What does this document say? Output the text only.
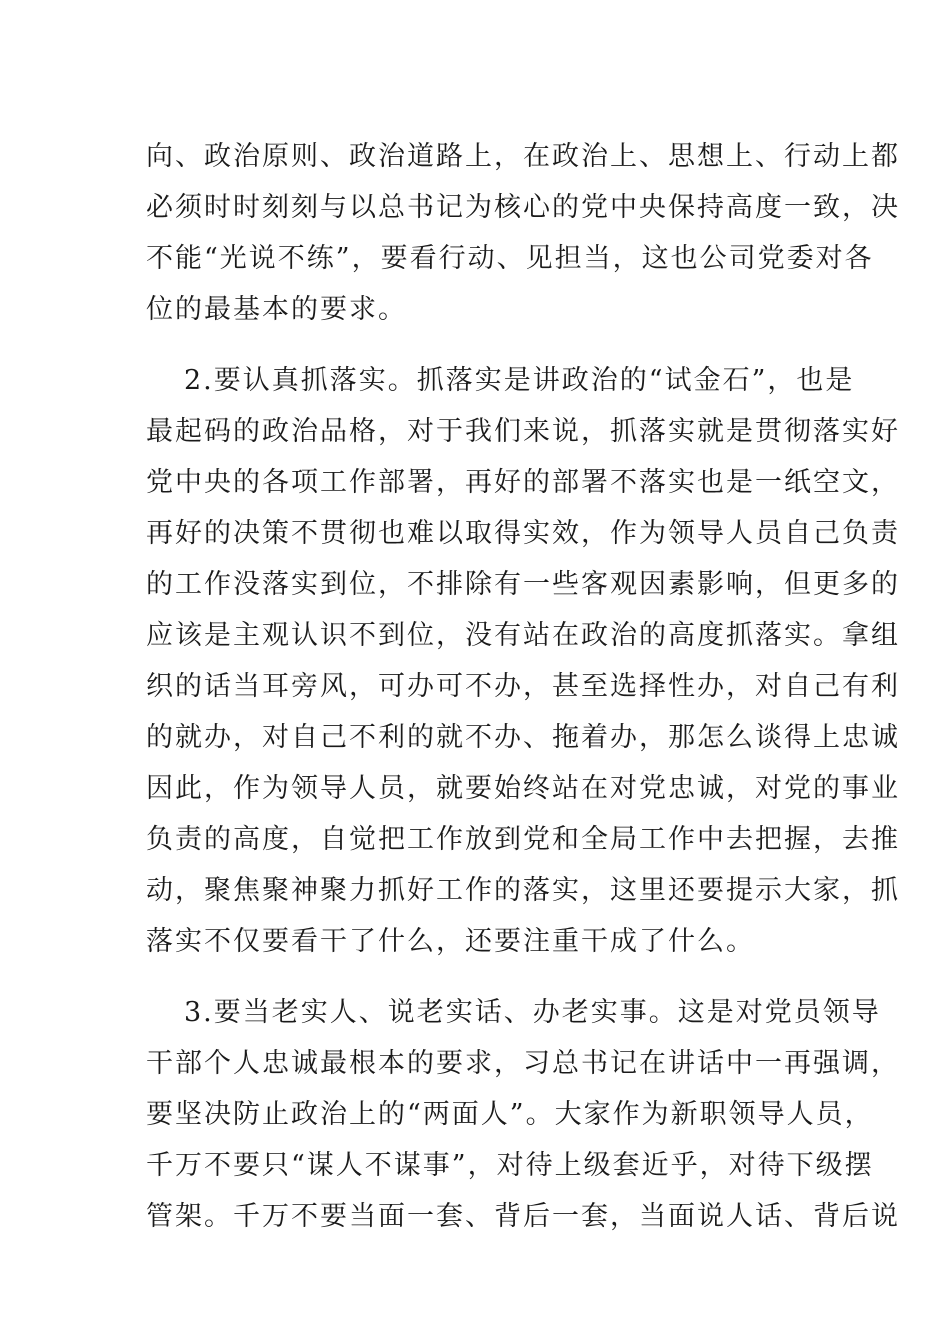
向、政治原则、政治道路上，在政治上、思想上、行动上都
必须时时刻刻与以总书记为核心的党中央保持高度一致，决
不能“光说不练”，要看行动、见担当，这也公司党委对各
位的最基本的要求。
2.要认真抓落实。抓落实是讲政治的“试金石”，也是
最起码的政治品格，对于我们来说，抓落实就是贯彻落实好
党中央的各项工作部署，再好的部署不落实也是一纸空文，
再好的决策不贯彻也难以取得实效，作为领导人员自己负责
的工作没落实到位，不排除有一些客观因素影响，但更多的
应该是主观认识不到位，没有站在政治的高度抓落实。拿组
织的话当耳旁风，可办可不办，甚至选择性办，对自己有利
的就办，对自己不利的就不办、拖着办，那怎么谈得上忠诚
因此，作为领导人员，就要始终站在对党忠诚，对党的事业
负责的高度，自觉把工作放到党和全局工作中去把握，去推
动，聚焦聚神聚力抓好工作的落实，这里还要提示大家，抓
落实不仅要看干了什么，还要注重干成了什么。
3.要当老实人、说老实话、办老实事。这是对党员领导
干部个人忠诚最根本的要求，习总书记在讲话中一再强调，
要坚决防止政治上的“两面人”。大家作为新职领导人员，
千万不要只“谋人不谋事”，对待上级套近乎，对待下级摆
管架。千万不要当面一套、背后一套，当面说人话、背后说
